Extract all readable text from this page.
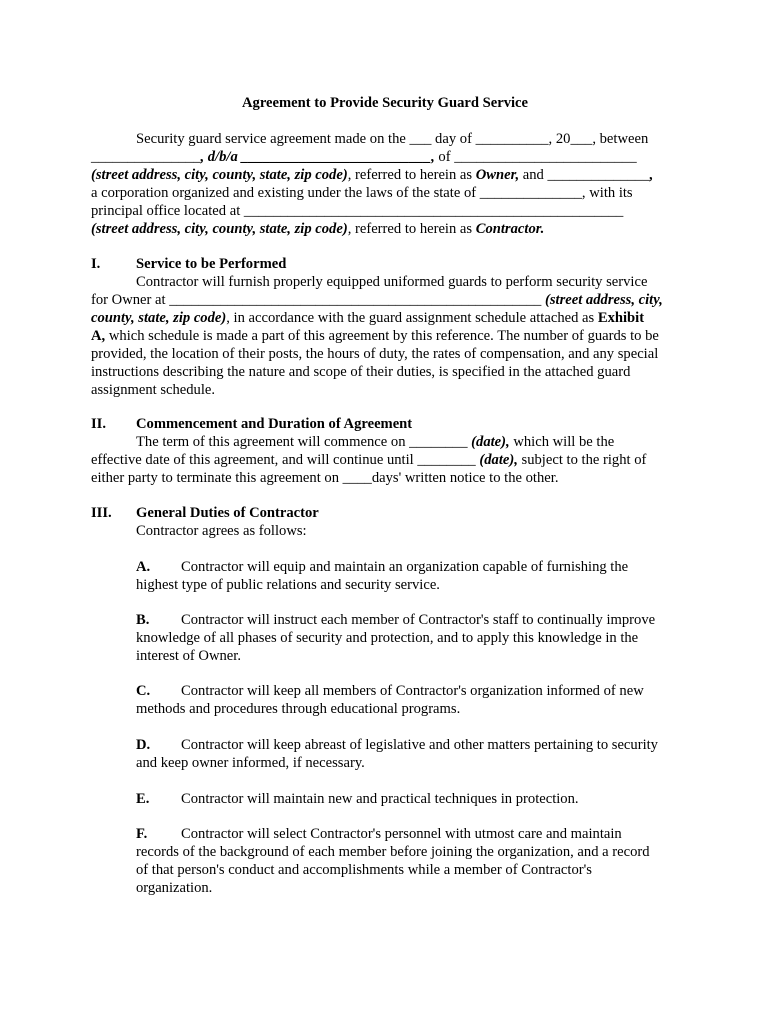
Agreement to Provide Security Guard Service
Security guard service agreement made on the ___ day of __________, 20___, between
_______________, d/b/a __________________________, of _________________________
(street address, city, county, state, zip code), referred to herein as Owner, and ______________,
a corporation organized and existing under the laws of the state of ______________, with its
principal office located at ____________________________________________________
(street address, city, county, state, zip code), referred to herein as Contractor.
I. Service to be Performed
Contractor will furnish properly equipped uniformed guards to perform security service
for Owner at ___________________________________________________ (street address, city,
county, state, zip code), in accordance with the guard assignment schedule attached as Exhibit
A, which schedule is made a part of this agreement by this reference. The number of guards to be
provided, the location of their posts, the hours of duty, the rates of compensation, and any special
instructions describing the nature and scope of their duties, is specified in the attached guard
assignment schedule.
II. Commencement and Duration of Agreement
The term of this agreement will commence on ________ (date), which will be the
effective date of this agreement, and will continue until ________ (date), subject to the right of
either party to terminate this agreement on ____days' written notice to the other.
III. General Duties of Contractor
Contractor agrees as follows:
A. Contractor will equip and maintain an organization capable of furnishing the
highest type of public relations and security service.
B. Contractor will instruct each member of Contractor's staff to continually improve
knowledge of all phases of security and protection, and to apply this knowledge in the
interest of Owner.
C. Contractor will keep all members of Contractor's organization informed of new
methods and procedures through educational programs.
D. Contractor will keep abreast of legislative and other matters pertaining to security
and keep owner informed, if necessary.
E. Contractor will maintain new and practical techniques in protection.
F. Contractor will select Contractor's personnel with utmost care and maintain
records of the background of each member before joining the organization, and a record
of that person's conduct and accomplishments while a member of Contractor's
organization.
